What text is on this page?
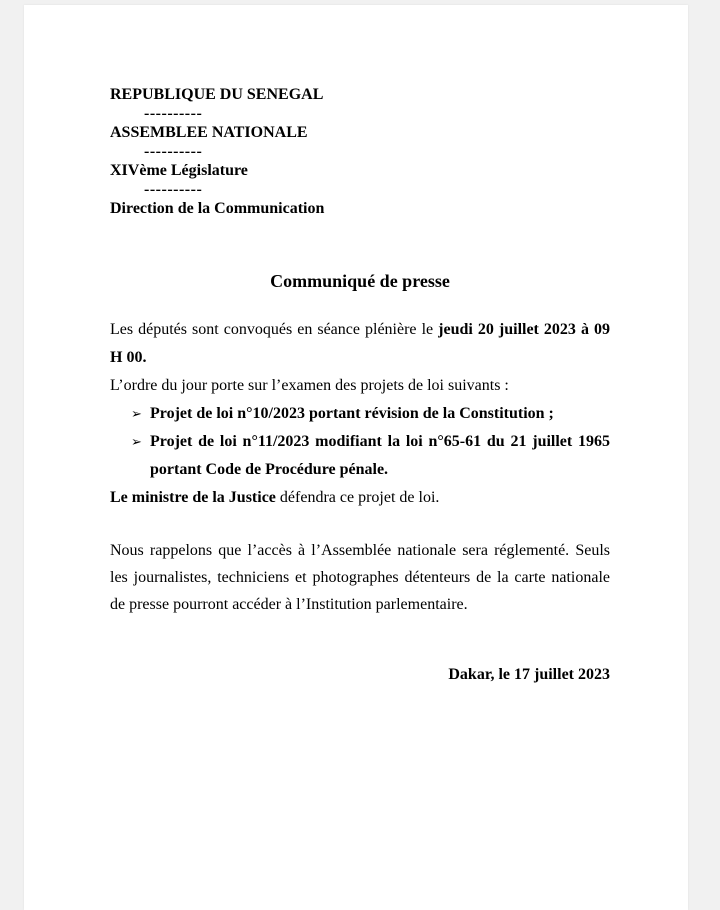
REPUBLIQUE DU SENEGAL
----------
ASSEMBLEE NATIONALE
----------
XIVème Législature
----------
Direction de la Communication
Communiqué de presse
Les députés sont convoqués en séance plénière le jeudi 20 juillet 2023 à 09 H 00.
L’ordre du jour porte sur l’examen des projets de loi suivants :
➢ Projet de loi n°10/2023 portant révision de la Constitution ;
➢ Projet de loi n°11/2023 modifiant la loi n°65-61 du 21 juillet 1965 portant Code de Procédure pénale.
Le ministre de la Justice défendra ce projet de loi.
Nous rappelons que l’accès à l’Assemblée nationale sera réglementé. Seuls les journalistes, techniciens et photographes détenteurs de la carte nationale de presse pourront accéder à l’Institution parlementaire.
Dakar, le 17 juillet 2023
